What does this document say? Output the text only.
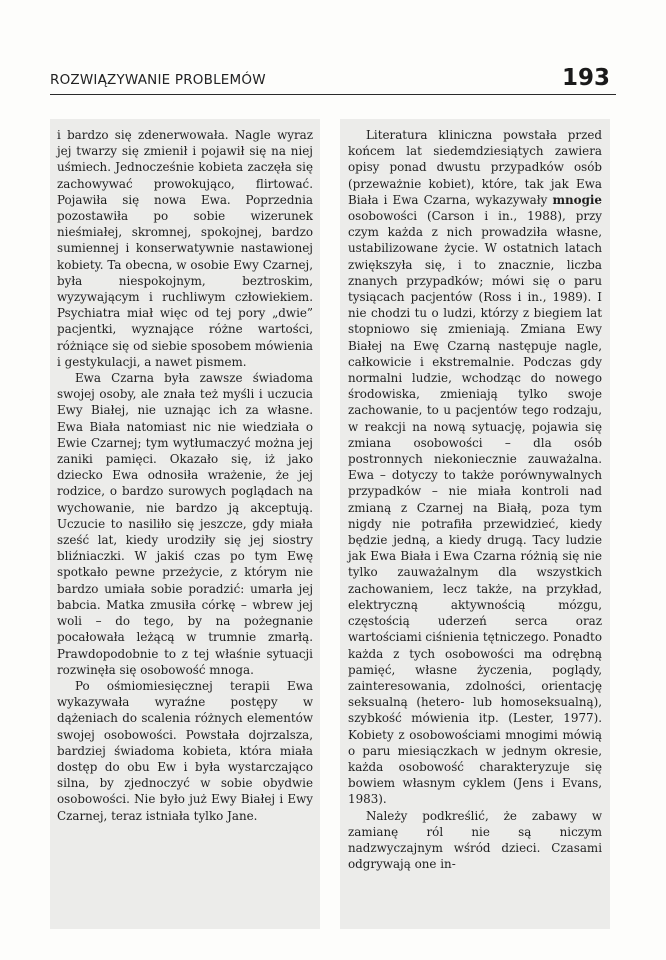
ROZWIĄZYWANIE PROBLEMÓW	193

i bardzo się zdenerwowała. Nagle wyraz jej twarzy się zmienił i pojawił się na niej uśmiech. Jednocześnie kobieta zaczęła się zachowywać prowokująco, flirtować. Pojawiła się nowa Ewa. Poprzednia pozostawiła po sobie wizerunek nieśmiałej, skromnej, spokojnej, bardzo sumiennej i konserwatywnie nastawionej kobiety. Ta obecna, w osobie Ewy Czarnej, była niespokojnym, beztroskim, wyzywającym i ruchliwym człowiekiem. Psychiatra miał więc od tej pory „dwie” pacjentki, wyznające różne wartości, różniące się od siebie sposobem mówienia i gestykulacji, a nawet pismem.

Ewa Czarna była zawsze świadoma swojej osoby, ale znała też myśli i uczucia Ewy Białej, nie uznając ich za własne. Ewa Biała natomiast nic nie wiedziała o Ewie Czarnej; tym wytłumaczyć można jej zaniki pamięci. Okazało się, iż jako dziecko Ewa odnosiła wrażenie, że jej rodzice, o bardzo surowych poglądach na wychowanie, nie bardzo ją akceptują. Uczucie to nasiliło się jeszcze, gdy miała sześć lat, kiedy urodziły się jej siostry bliźniaczki. W jakiś czas po tym Ewę spotkało pewne przeżycie, z którym nie bardzo umiała sobie poradzić: umarła jej babcia. Matka zmusiła córkę – wbrew jej woli – do tego, by na pożegnanie pocałowała leżącą w trumnie zmarłą. Prawdopodobnie to z tej właśnie sytuacji rozwinęła się osobowość mnoga.

Po ośmiomiesięcznej terapii Ewa wykazywała wyraźne postępy w dążeniach do scalenia różnych elementów swojej osobowości. Powstała dojrzalsza, bardziej świadoma kobieta, która miała dostęp do obu Ew i była wystarczająco silna, by zjednoczyć w sobie obydwie osobowości. Nie było już Ewy Białej i Ewy Czarnej, teraz istniała tylko Jane.

Literatura kliniczna powstała przed końcem lat siedemdziesiątych zawiera opisy ponad dwustu przypadków osób (przeważnie kobiet), które, tak jak Ewa Biała i Ewa Czarna, wykazywały mnogie osobowości (Carson i in., 1988), przy czym każda z nich prowadziła własne, ustabilizowane życie. W ostatnich latach zwiększyła się, i to znacznie, liczba znanych przypadków; mówi się o paru tysiącach pacjentów (Ross i in., 1989). I nie chodzi tu o ludzi, którzy z biegiem lat stopniowo się zmieniają. Zmiana Ewy Białej na Ewę Czarną następuje nagle, całkowicie i ekstremalnie. Podczas gdy normalni ludzie, wchodząc do nowego środowiska, zmieniają tylko swoje zachowanie, to u pacjentów tego rodzaju, w reakcji na nową sytuację, pojawia się zmiana osobowości – dla osób postronnych niekoniecznie zauważalna. Ewa – dotyczy to także porównywalnych przypadków – nie miała kontroli nad zmianą z Czarnej na Białą, poza tym nigdy nie potrafiła przewidzieć, kiedy będzie jedną, a kiedy drugą. Tacy ludzie jak Ewa Biała i Ewa Czarna różnią się nie tylko zauważalnym dla wszystkich zachowaniem, lecz także, na przykład, elektryczną aktywnością mózgu, częstością uderzeń serca oraz wartościami ciśnienia tętniczego. Ponadto każda z tych osobowości ma odrębną pamięć, własne życzenia, poglądy, zainteresowania, zdolności, orientację seksualną (hetero- lub homoseksualną), szybkość mówienia itp. (Lester, 1977). Kobiety z osobowościami mnogimi mówią o paru miesiączkach w jednym okresie, każda osobowość charakteryzuje się bowiem własnym cyklem (Jens i Evans, 1983).

Należy podkreślić, że zabawy w zamianę ról nie są niczym nadzwyczajnym wśród dzieci. Czasami odgrywają one in-
